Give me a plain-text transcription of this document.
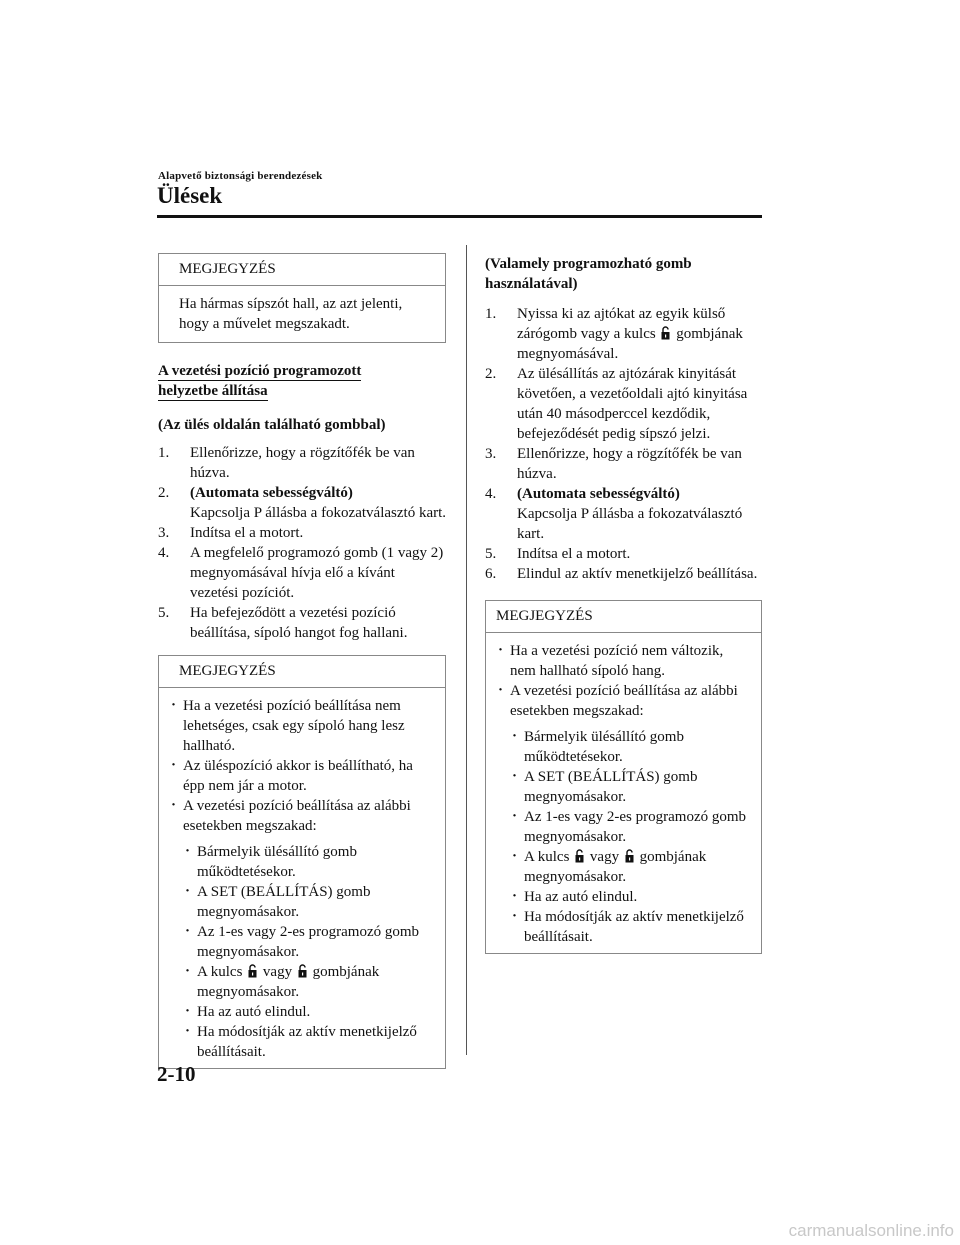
Alapvető biztonsági berendezések
Ülések
MEGJEGYZÉS

Ha hármas sípszót hall, az azt jelenti, hogy a művelet megszakadt.

A vezetési pozíció programozott
helyzetbe állítása
(Az ülés oldalán található gombbal)
1. Ellenőrizze, hogy a rögzítőfék be van húzva.
2. (Automata sebességváltó)
Kapcsolja P állásba a fokozatválasztó kart.
3. Indítsa el a motort.
4. A megfelelő programozó gomb (1 vagy 2) megnyomásával hívja elő a kívánt vezetési pozíciót.
5. Ha befejeződött a vezetési pozíció beállítása, sípoló hangot fog hallani.
MEGJEGYZÉS
· Ha a vezetési pozíció beállítása nem lehetséges, csak egy sípoló hang lesz hallható.
· Az üléspozíció akkor is beállítható, ha épp nem jár a motor.
· A vezetési pozíció beállítása az alábbi esetekben megszakad:
· Bármelyik ülésállító gomb működtetésekor.
· A SET (BEÁLLÍTÁS) gomb megnyomásakor.
· Az 1-es vagy 2-es programozó gomb megnyomásakor.
· A kulcs vagy gombjának megnyomásakor.
· Ha az autó elindul.
· Ha módosítják az aktív menetkijelző beállításait.
(Valamely programozható gomb használatával)
1. Nyissa ki az ajtókat az egyik külső zárógomb vagy a kulcs gombjának megnyomásával.
2. Az ülésállítás az ajtózárak kinyitását követően, a vezetőoldali ajtó kinyitása után 40 másodperccel kezdődik, befejeződését pedig sípszó jelzi.
3. Ellenőrizze, hogy a rögzítőfék be van húzva.
4. (Automata sebességváltó)
Kapcsolja P állásba a fokozatválasztó kart.
5. Indítsa el a motort.
6. Elindul az aktív menetkijelző beállítása.
MEGJEGYZÉS
· Ha a vezetési pozíció nem változik, nem hallható sípoló hang.
· A vezetési pozíció beállítása az alábbi esetekben megszakad:
· Bármelyik ülésállító gomb működtetésekor.
· A SET (BEÁLLÍTÁS) gomb megnyomásakor.
· Az 1-es vagy 2-es programozó gomb megnyomásakor.
· A kulcs vagy gombjának megnyomásakor.
· Ha az autó elindul.
· Ha módosítják az aktív menetkijelző beállításait.
2-10
carmanualsonline.info
